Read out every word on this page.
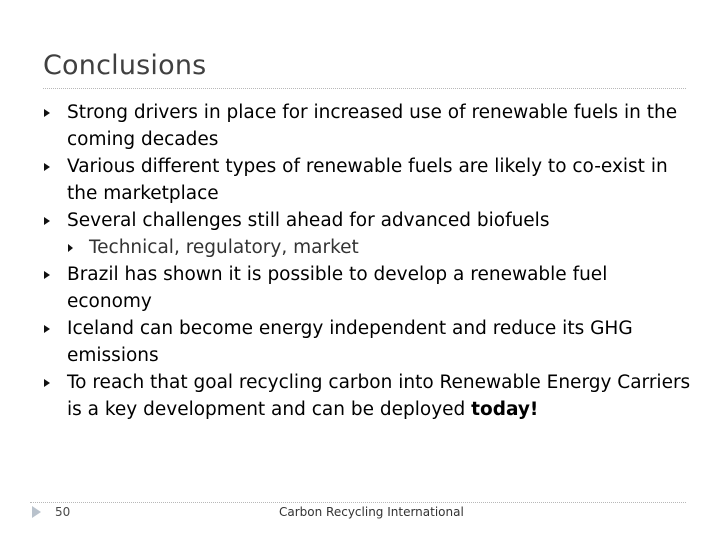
Conclusions
Strong drivers in place for increased use of renewable fuels in the coming decades
Various different types of renewable fuels are likely to co-exist in the marketplace
Several challenges still ahead for advanced biofuels
Technical, regulatory, market
Brazil has shown it is possible to develop a renewable fuel economy
Iceland can become energy independent and reduce its GHG emissions
To reach that goal recycling carbon into Renewable Energy Carriers is a key development and can be deployed today!
50	Carbon Recycling International
